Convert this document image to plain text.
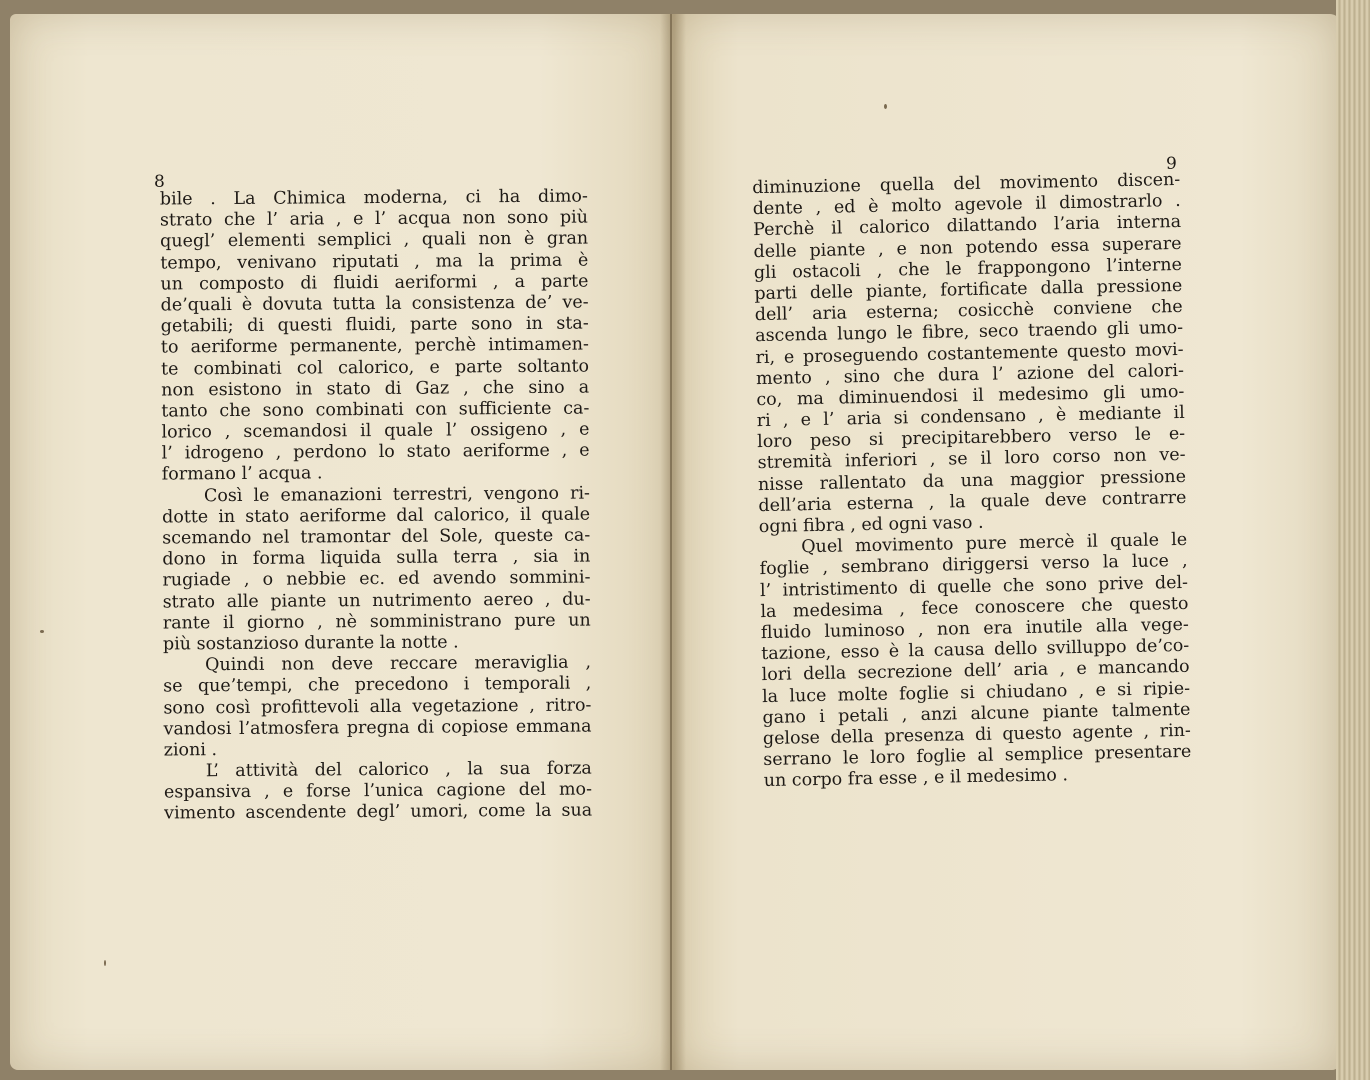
8
9
bile . La Chimica moderna, ci ha dimo-
strato che l’ aria , e l’ acqua non sono più
quegl’ elementi semplici , quali non è gran
tempo, venivano riputati , ma la prima è
un composto di fluidi aeriformi , a parte
de’quali è dovuta tutta la consistenza de’ ve-
getabili; di questi fluidi, parte sono in sta-
to aeriforme permanente, perchè intimamen-
te combinati col calorico, e parte soltanto
non esistono in stato di Gaz , che sino a
tanto che sono combinati con sufficiente ca-
lorico , scemandosi il quale l’ ossigeno , e
l’ idrogeno , perdono lo stato aeriforme , e
formano l’ acqua .
Così le emanazioni terrestri, vengono ri-
dotte in stato aeriforme dal calorico, il quale
scemando nel tramontar del Sole, queste ca-
dono in forma liquida sulla terra , sia in
rugiade , o nebbie ec. ed avendo sommini-
strato alle piante un nutrimento aereo , du-
rante il giorno , nè somministrano pure un
più sostanzioso durante la notte .
Quindi non deve reccare meraviglia ,
se que’tempi, che precedono i temporali ,
sono così profittevoli alla vegetazione , ritro-
vandosi l’atmosfera pregna di copiose emmana
zioni .
L’ attività del calorico , la sua forza
espansiva , e forse l’unica cagione del mo-
vimento ascendente degl’ umori, come la sua
diminuzione quella del movimento discen-
dente , ed è molto agevole il dimostrarlo .
Perchè il calorico dilattando l’aria interna
delle piante , e non potendo essa superare
gli ostacoli , che le frappongono l’interne
parti delle piante, fortificate dalla pressione
dell’ aria esterna; cosicchè conviene che
ascenda lungo le fibre, seco traendo gli umo-
ri, e proseguendo costantemente questo movi-
mento , sino che dura l’ azione del calori-
co, ma diminuendosi il medesimo gli umo-
ri , e l’ aria si condensano , è mediante il
loro peso si precipitarebbero verso le e-
stremità inferiori , se il loro corso non ve-
nisse rallentato da una maggior pressione
dell’aria esterna , la quale deve contrarre
ogni fibra , ed ogni vaso .
Quel movimento pure mercè il quale le
foglie , sembrano diriggersi verso la luce ,
l’ intristimento di quelle che sono prive del-
la medesima , fece conoscere che questo
fluido luminoso , non era inutile alla vege-
tazione, esso è la causa dello svilluppo de’co-
lori della secrezione dell’ aria , e mancando
la luce molte foglie si chiudano , e si ripie-
gano i petali , anzi alcune piante talmente
gelose della presenza di questo agente , rin-
serrano le loro foglie al semplice presentare
un corpo fra esse , e il medesimo .
